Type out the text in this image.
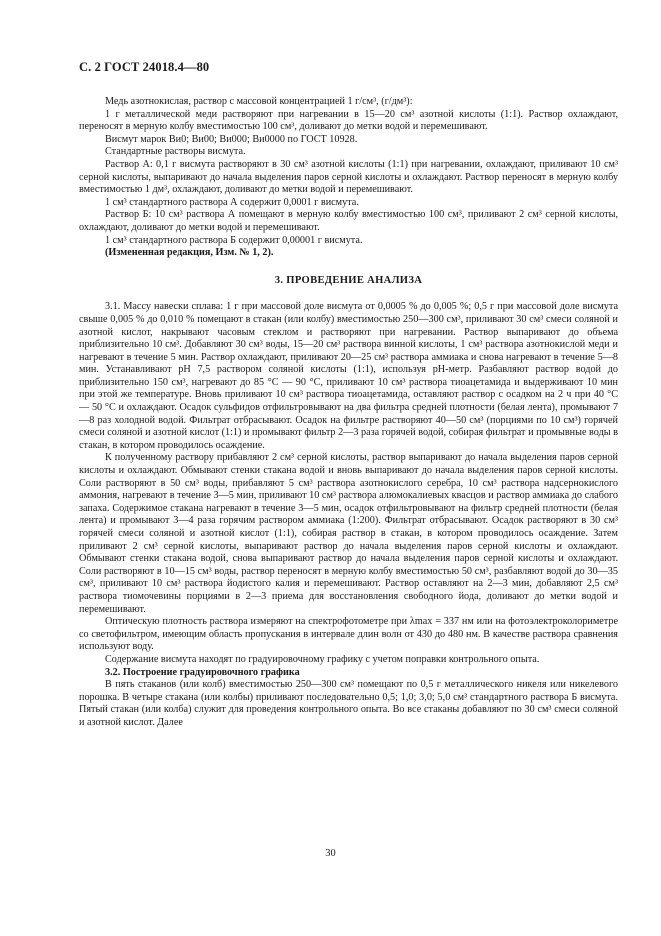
С. 2 ГОСТ 24018.4—80

Медь азотнокислая, раствор с массовой концентрацией 1 г/см³, (г/дм³):

1 г металлической меди растворяют при нагревании в 15—20 см³ азотной кислоты (1:1). Раствор охлаждают, переносят в мерную колбу вместимостью 100 см³, доливают до метки водой и перемешивают.

Висмут марок Ви0; Ви00; Ви000; Ви0000 по ГОСТ 10928.

Стандартные растворы висмута.

Раствор А: 0,1 г висмута растворяют в 30 см³ азотной кислоты (1:1) при нагревании, охлаждают, приливают 10 см³ серной кислоты, выпаривают до начала выделения паров серной кислоты и охлаждают. Раствор переносят в мерную колбу вместимостью 1 дм³, охлаждают, доливают до метки водой и перемешивают.

1 см³ стандартного раствора А содержит 0,0001 г висмута.

Раствор Б: 10 см³ раствора А помещают в мерную колбу вместимостью 100 см³, приливают 2 см³ серной кислоты, охлаждают, доливают до метки водой и перемешивают.

1 см³ стандартного раствора Б содержит 0,00001 г висмута.

(Измененная редакция, Изм. № 1, 2).

3. ПРОВЕДЕНИЕ АНАЛИЗА

3.1. Массу навески сплава: 1 г при массовой доле висмута от 0,0005 % до 0,005 %; 0,5 г при массовой доле висмута свыше 0,005 % до 0,010 % помещают в стакан (или колбу) вместимостью 250—300 см³, приливают 30 см³ смеси соляной и азотной кислот, накрывают часовым стеклом и растворяют при нагревании. Раствор выпаривают до объема приблизительно 10 см³. Добавляют 30 см³ воды, 15—20 см³ раствора винной кислоты, 1 см³ раствора азотнокислой меди и нагревают в течение 5 мин. Раствор охлаждают, приливают 20—25 см³ раствора аммиака и снова нагревают в течение 5—8 мин. Устанавливают pH 7,5 раствором соляной кислоты (1:1), используя pH-метр. Разбавляют раствор водой до приблизительно 150 см³, нагревают до 85 °С — 90 °С, приливают 10 см³ раствора тиоацетамида и выдерживают 10 мин при этой же температуре. Вновь приливают 10 см³ раствора тиоацетамида, оставляют раствор с осадком на 2 ч при 40 °С — 50 °С и охлаждают. Осадок сульфидов отфильтровывают на два фильтра средней плотности (белая лента), промывают 7—8 раз холодной водой. Фильтрат отбрасывают. Осадок на фильтре растворяют 40—50 см³ (порциями по 10 см³) горячей смеси соляной и азотной кислот (1:1) и промывают фильтр 2—3 раза горячей водой, собирая фильтрат и промывные воды в стакан, в котором проводилось осаждение.

К полученному раствору прибавляют 2 см³ серной кислоты, раствор выпаривают до начала выделения паров серной кислоты и охлаждают. Обмывают стенки стакана водой и вновь выпаривают до начала выделения паров серной кислоты. Соли растворяют в 50 см³ воды, прибавляют 5 см³ раствора азотнокислого серебра, 10 см³ раствора надсернокислого аммония, нагревают в течение 3—5 мин, приливают 10 см³ раствора алюмокалиевых квасцов и раствор аммиака до слабого запаха. Содержимое стакана нагревают в течение 3—5 мин, осадок отфильтровывают на фильтр средней плотности (белая лента) и промывают 3—4 раза горячим раствором аммиака (1:200). Фильтрат отбрасывают. Осадок растворяют в 30 см³ горячей смеси соляной и азотной кислот (1:1), собирая раствор в стакан, в котором проводилось осаждение. Затем приливают 2 см³ серной кислоты, выпаривают раствор до начала выделения паров серной кислоты и охлаждают. Обмывают стенки стакана водой, снова выпаривают раствор до начала выделения паров серной кислоты и охлаждают. Соли растворяют в 10—15 см³ воды, раствор переносят в мерную колбу вместимостью 50 см³, разбавляют водой до 30—35 см³, приливают 10 см³ раствора йодистого калия и перемешивают. Раствор оставляют на 2—3 мин, добавляют 2,5 см³ раствора тиомочевины порциями в 2—3 приема для восстановления свободного йода, доливают до метки водой и перемешивают.

Оптическую плотность раствора измеряют на спектрофотометре при λmax = 337 нм или на фотоэлектроколориметре со светофильтром, имеющим область пропускания в интервале длин волн от 430 до 480 нм. В качестве раствора сравнения используют воду.

Содержание висмута находят по градуировочному графику с учетом поправки контрольного опыта.

3.2. Построение градуировочного графика

В пять стаканов (или колб) вместимостью 250—300 см³ помещают по 0,5 г металлического никеля или никелевого порошка. В четыре стакана (или колбы) приливают последовательно 0,5; 1,0; 3,0; 5,0 см³ стандартного раствора Б висмута. Пятый стакан (или колба) служит для проведения контрольного опыта. Во все стаканы добавляют по 30 см³ смеси соляной и азотной кислот. Далее

30
